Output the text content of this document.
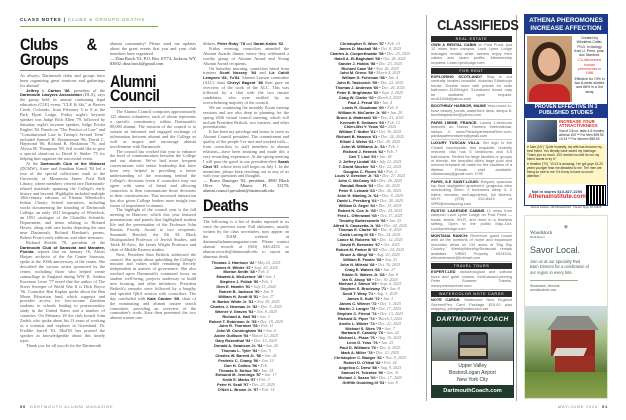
CLASS NOTES | CLUBS & GROUPS-DEATHS
Clubs & Groups

As always, Dartmouth clubs and groups have been organizing great reunions and gatherings for alumni!

Jeffrey I. Carton '86, president of the Dartmouth Lawyers Association (DLA), says the group held its annual continuing legal education (CLE) event, "CLE & Ski," at Beaver Creek, Colorado, from February 5 to 8 at the Park Hyatt Lodge. Friday night's keynote speaker was Judge Rich Allen '79, followed by Saturday night's keynote speaker, Judge Ericka Englert '84. Panels on "The Practice of Law" and "Constitutional Law in Trump's Second Term" included Samuel H. Zimmerman '86, David C. Haymond '86, Richard B. Hoskinson '76, and Alyssa M. Thompson '88. Jeff would like to give a special shout-out to David S. Stetler '75 for helping him organize the successful event.

At the Dartmouth Club of the Midwest (DCMW), Anne and Jonathan Kamil '84 led a tour of the special collections vault at the University of Minnesota James Ford Bell Library, where members viewed rare Dartmouth-related materials spanning the College's early history and beyond. Highlights included multiple 18th-century editions of Eleazar Wheelock's Indian Charity School narratives, including works documenting the founding of Dartmouth College, an early 1811 biography of Wheelock, an 1851 catalogue of the Chandler Scientific Department, and items relating to Richard Hovey, along with rare books depicting the area near Dartmouth, Richard Eberhart's poems, Robert Frost's early editions, and other treasures.

Richard Shields '78, president of the Dartmouth Club of Sarasota and Manatee, Florida, reports that on January 16, Alexis Harper, archivist of the Art Center Sarasota, spoke at the 100th anniversary of the center. She described the various artists sponsored by the center, including those who helped create camouflage in England during WW II. Andrea Koreman Lowe '77 noted that the author of The Street Sweeper of World War II is Dick Boyce '56. Councilor Ben Kaplan spoke about the Ben Moon Education fund, which supports and provides access for low-income Zambian students to schools leading to postsecondary study in the United States and a number of countries. On February 28 the club hosted John Zadeh, who spoke about his 13 years of working as a scientist and explorer in Greenland. Dr. Freddie Jarrell '63, Med'65 has praised the speaker as knowledgeable about this timely topic.

Thank you for all you do for the Dartmouth

alumni community! Please send me updates about the great events that you and your club members have organized.

— Dina Brock '01, P.O. Box 10774, Jackson, WY 83002; dina.brock@gmail.com

Alumni Council

The Alumni Council comprises approximately 125 alumni volunteers, each of whom represents a specific constituency within Dartmouth's 80,000 alumni. The mission of the council is to sustain an informed and engaged exchange of information between alumni and the College as well as inspire and encourage alumni involvement with Dartmouth.

The council has worked this year to enhance the level of communication between the College and our alumni. We've had more frequent conversations with senior leadership that have been very helpful in providing a better understanding of the reasoning behind the College's decisions (even if councilors may not agree with some of them) and allowing councilors to then communicate those decisions to their constituencies. This increased interaction has also given College leaders more insight into issues of importance to alumni.

The highlight of the council year is the fall meeting in Hanover, which this year featured presentations and panels that highlighted student life and the presentation of the Professor John Rassias Faculty Award to two recipients: Susannah Heschel, the Eli M. Black Distinguished Professor of Jewish Studies, and Tarek El-Ariss, the James Wright Professor and chair of Middle Eastern studies.

Next, President Sian Beilock addressed the council. She spoke about upholding the College's mission and values while remaining fiercely independent in matters of governance. She also touched upon Dartmouth's continued focus on student well-being, projects underway to build new housing, and other initiatives. President Beilock's remarks were followed by a lengthy and spirited Q&A session with councilors. The day concluded with Kate Carden '85, chair of the nominating and alumni trustee search committee, providing an overview of the committee's work. Kate then presented the two alumni trustee can-

didates, Peter Roby '78 and Sarah Kairis '02.

Friday evening, councilors attended the Alumni Awards dinner, where they celebrated a worthy group of Alumni Award and Young Alumni Award recipients.

On Saturday morning, councilors heard from trustees Scott Nussey '84 and Liz Cahill Lempres '83, Tu'84. Alumni Liaison committee (ALC) chair Cheryl Bagent '80 then gave an overview of the work of the ALC. This was followed by a chat with the two trustee candidates, who were ratified by an overwhelming majority of the council.

We are continuing the monthly Zoom meetup sessions and are also deep in planning for the spring 2026 virtual council meeting, which will include President Beilock, two trustees, and other presentations.

It has been my privilege and honor to serve as Alumni Council president. The commitment and quality of the people I've met and worked with—from councilors to staff members to alumni relations—have been amazing and made this a very rewarding experience. At the spring meeting I will pass the gavel to our president-elect Sarah Choi '97, whose term will begin on July 1. In the meantime, please keep reaching out to any of us with your questions and thoughts.

— Bruce Danziger '82, president, 4960 Black Olive Way, Miami, FL 33178; alumni.council.president@dartmouth.edu

Deaths

The following is a list of deaths reported to us since the previous issue. Full obituaries, usually written by the class secretaries, may appear on the DAM website at dartmouthalumnimagazine.com. Please contact alumni records at (603) 646-2253 or alumni.records@dartmouth.edu to report an alumnus death.

Thomas J. Harrison '42 • May 25, 2025
James H. Wilder '47 • Sept. 20, 2024
Morton Smith '48 • Feb. 4
Edward A. McAvenne '49 • Jan. 1
Stephen J. Pollak '50 • Feb. 3
Glen E. Hamlin '51 • July 13, 2024
Robert B. Jackson '50 • Jan. 9
William H. Scott III '51 • Jan. 27
H. Barker White Jr. '51 • Nov. 29, 2025
Charles J. Neuman Jr. '52 • Dec. 5, 2025
Warner V. Graves '53 • Jan. 8, 2025
Richard A. Hall '53 • Jan. 3
Robert T. Robinson Jr. '53 • Dec. 19, 2025
John R. Thornber '53 • Feb. 11
John W. Cunningham '54 • Jan. 6
Andre Gullison '54 • March 12, 2025
Gary Rosenthal '54 • Dec. 13, 2025
Donald A. Swanson Jr. '54 • Jan. 26
Thomas L. Tyler '54 • Jan. 9
Charles W. Barrett Jr. '56 • Jan. 26
Frederic C. Chang '56 • Jan. 10
Don H. Collins '56 • Feb.
Thomas D. Nehus '56 • Jan. 25
Edmund M. Jennings '57 • Jan. 17
Keith E. Marks '57 • Feb. 2
Peter H. Seail '57 • Dec. 23, 2025
O'Neil L. Brown Jr. '57 • Feb. 14
Christopher S. Wren '57 • Feb. 13
James D. Mackall '58 • Oct. 8, 2025
Charles A. Cooperthwaite '58 • Dec. 25, 2025
Hatell A. El-Baghdadi '58 • Oct. 28, 2025
Sander J. Hobbs '58 • Dec. 23, 2025
Richard Case '58 • Nov. 26, 2025
John M. Greco '58 • March 4, 2025
William G. Fuhrman '58 • Jan. 4
John B. Taskovich '59 • Dec. 22, 2025
Thomas J. Andrews '60 • Dec. 20, 2025
Peter E. Brightman '60 • Sept. 2, 2025
Craig W. Clarke '60 • March 2, 2025
Paul J. Freud '60 • Jan. 4
Lewis R. Goodman '60 • Feb. 4
William H. McCarter Jr. '60 • Jan. 29
Bruce A. Matteardi '60 • Dec. 21, 2025
Kenneth E. Sedanes '60 • Feb. 12
Chien-Wei Y. Yeow '60 • 2025
William T. Nutter '61 • Oct. 30, 2025
Richard B. Hanson '61 • Dec. 24, 2025
Elliott J. Weiss '61 • Dec. 28, 2025
John W. Williams Jr. '61 • Feb. 1
Richard J. Hennek '62 • Feb. 7
Carl T. Lind '63 • Jan. 28
J. Jeffrey Lindall '63 • July 21, 2025
T. David Stocker '63 • Dec. 22, 2025
Douglas C. Flores '63 • Feb. 2
Louis V. Gerstner Jr. '63 • Dec. 27, 2025
John C. McCamy '63 • Dec. 26, 2025
Randall Reade '63 • Dec. 26, 2025
Peter E. Leinard '63 • Dec. 26, 2025
John H. Marting Jr. '64 • Dec. 8, 2025
David L. Presberg '64 • Dec. 28, 2025
William D. Segel '64 • Dec. 13, 2025
Robert N. Cox Jr. '65 • Dec. 24, 2025
Fred L. Offenwanl '65 • Oct. 17, 2025
Timothy Buttersworth '66 • Jan. 23
Alfred S. Casavetta Jr. '66 • Dec. 24, 2025
Thomas E. Clarke '66 • Dec. 8, 2025
Caleb Loring III '66 • Dec. 24, 2025
Lance M. Roberts '66 • Dec. 12, 2025
David R. Brewster '67 • Oct. 2025
Robert M. Parker III '67 • Dec. 24, 2025
Bruce A. Bingl '68 • Aug. 20, 2025
William E. Fowler '68 • Jan. 23
John N. Mileski '68 • Oct. 30, 2025
Craig E. Waters '68 • Jan. 27
Edwin G. Waters Jr. '68 • Jan. 8
Ian G. Alsop '69 • Dec. 30, 2025
Michael J. Simon '69 • Sept. 6, 2025
Stephen S. Brockway '71 • Jan. 8
Scott T. Wray '71 • Aug. 1, 2025
James S. Kuhl '72 • Jan. 3
James C. Wiener '72 • Dec. 1, 2025
Martin J. Langer '73 • Oct. 17, 2025
Stephen C. Friend '74 • Dec. 13, 2025
Richard D. Piper '74 • March 3, 2025
Anello L. Wilder '74 • Dec. 22, 2025
Michael S. Sites '75 • Jan. 7
Barbara E. Cassidy '76 • Jan. 22
Michael L. Plaza '76 • Aug. 15, 2025
Leon G. Yoss '76 • Jan. 25
Paul D. Williams '76 • Dec. 6, 2025
Mark A. Miller '78 • Dec. 23, 2025
Christopher C. Badger '81 • Nov. 9, 2025
Robert D. O'Neal '82 • Feb. 24
Angelica C. Drew '88 • Aug. 9, 2025
Samuel H. Tolentse '90 • Jan. 31
Michael J. Sasso '00 • Dec. 17, 2025
Griffith Goulding III '03 • Jan. 8
CLASSIFIEDS
REAL ESTATE
OWN A RENTAL CABIN on Post Pond, just 12 miles from campus. Loch Lyme Lodge manages rentals while owners enjoy their cabins and share profits. Membership required. Learn.lymelodge.com
FOR RENT
EXPLORING SCOTLAND? Stay in our centrally located beautiful Victorian Edinburgh house. Double room with private en suite bathroom £100/night. 3-bedroom house may be available upon request. rent11916@yahoo.com
BOOTHBAY HARBOR, MAINE Year-round in-town beauty, ponds, waterfront deck, sleeps 8. boothbayharbor@yahoo.com
PARIS 15EME, FRANCE. Luxury 1-bedroom featured on House Hunters International, sleeps 4. www.ParisApartmentsRent.com, parisapartmentsrent@gmail.com
LUXURY TUSCAN VILLA. Set high in the Chianti countryside, this exquisite, recently restored villa has 5 bedrooms and 5.5 bathrooms. Perfect for large families or groups of friends, the beautiful villa's large pool and outdoor fireplace all make for the vacation of a lifetime. Private chef available. villatuscany@gmail.com. D'90
PARIS, ILE SAINT-LOUIS: Elegant, spacious top floor skylighted apartment, gorgeous view overlooking Seine, 2 bedrooms sleep 4, 2 baths, elevator, well-appointed, full kitchen, Wi-Fi. (978) 232-8443 or WPB@mindspring.com
RUSTIC LAKESIDE CABINS 12 miles from campus! Loch Lyme Lodge on Post Pond — boats, tennis, Wi-Fi, and more in a timeless setting. Open to the public May–Oct. Lochlymelodge.com
MONTANA RANCH: Riverfront guest house with all the comforts of home and expansive mountain views on 133 acres of "Big Sky Country." Weekly/Monthly/Seasonal rentals available. VRBO Property #324204, elkcreekranch@hotmail.com
TRAVEL TOURS
EXPERT-LED archaeological and cultural tours and gulet cruises. Multi-award-winning Peter Sommer Travels. www.petersommer.com
WATERCOLOR NOTE CARDS
NOTE CARDS: Watercolor New England Scenes/Pen Card Package $15.00 plus shipping. jcthegs@watercolor.net
DARTMOUTH COACH
Upper Valley
Boston/Logan Airport
New York City
DartmouthCoach.com
ATHENA PHEROMONES
INCREASE AFFECTION
Created by Winnifred Cutler, Ph.D. in biology from U. Penn, post-doc Stanford.
Co-discovered human pheromones in 1986
Effective for 74% in two 8-week studies and 68% in a 3rd study
PROVEN EFFECTIVE IN 3 PUBLISHED STUDIES
INCREASE YOUR ATTRACTIVENESS
Vial of 1/6 oz. lasts 4-6 months
Athena 10X™ For Men $99.50
10:13™ For Women $98.50
♥ Sam (NY) "Quite honestly, my wife has become my best friend. You literally have saved my marriage. Thank you so much. 10X worked so well for me my friend wants to try it."
♥ Heather (TX) "10:13 is amazing. I've got guys 15-20 years younger than me attracted to me. The men are being so nice to me. It's funny to have so much attention."
Not in stores 610-827-2200
Athenainstitute.com
Athena Institute, 1211 Braefield Rd., Chester Spgs, PA 19425
⚜
Woodstock
Inn & Resort
Savor Local.
Join us at our specialty Red Barn Dinners for a celebration of our region in every bite.
Woodstock, Vermont
woodstockinn.com
90 DARTMOUTH ALUMNI MAGAZINE	MAY/JUNE 2026 91
